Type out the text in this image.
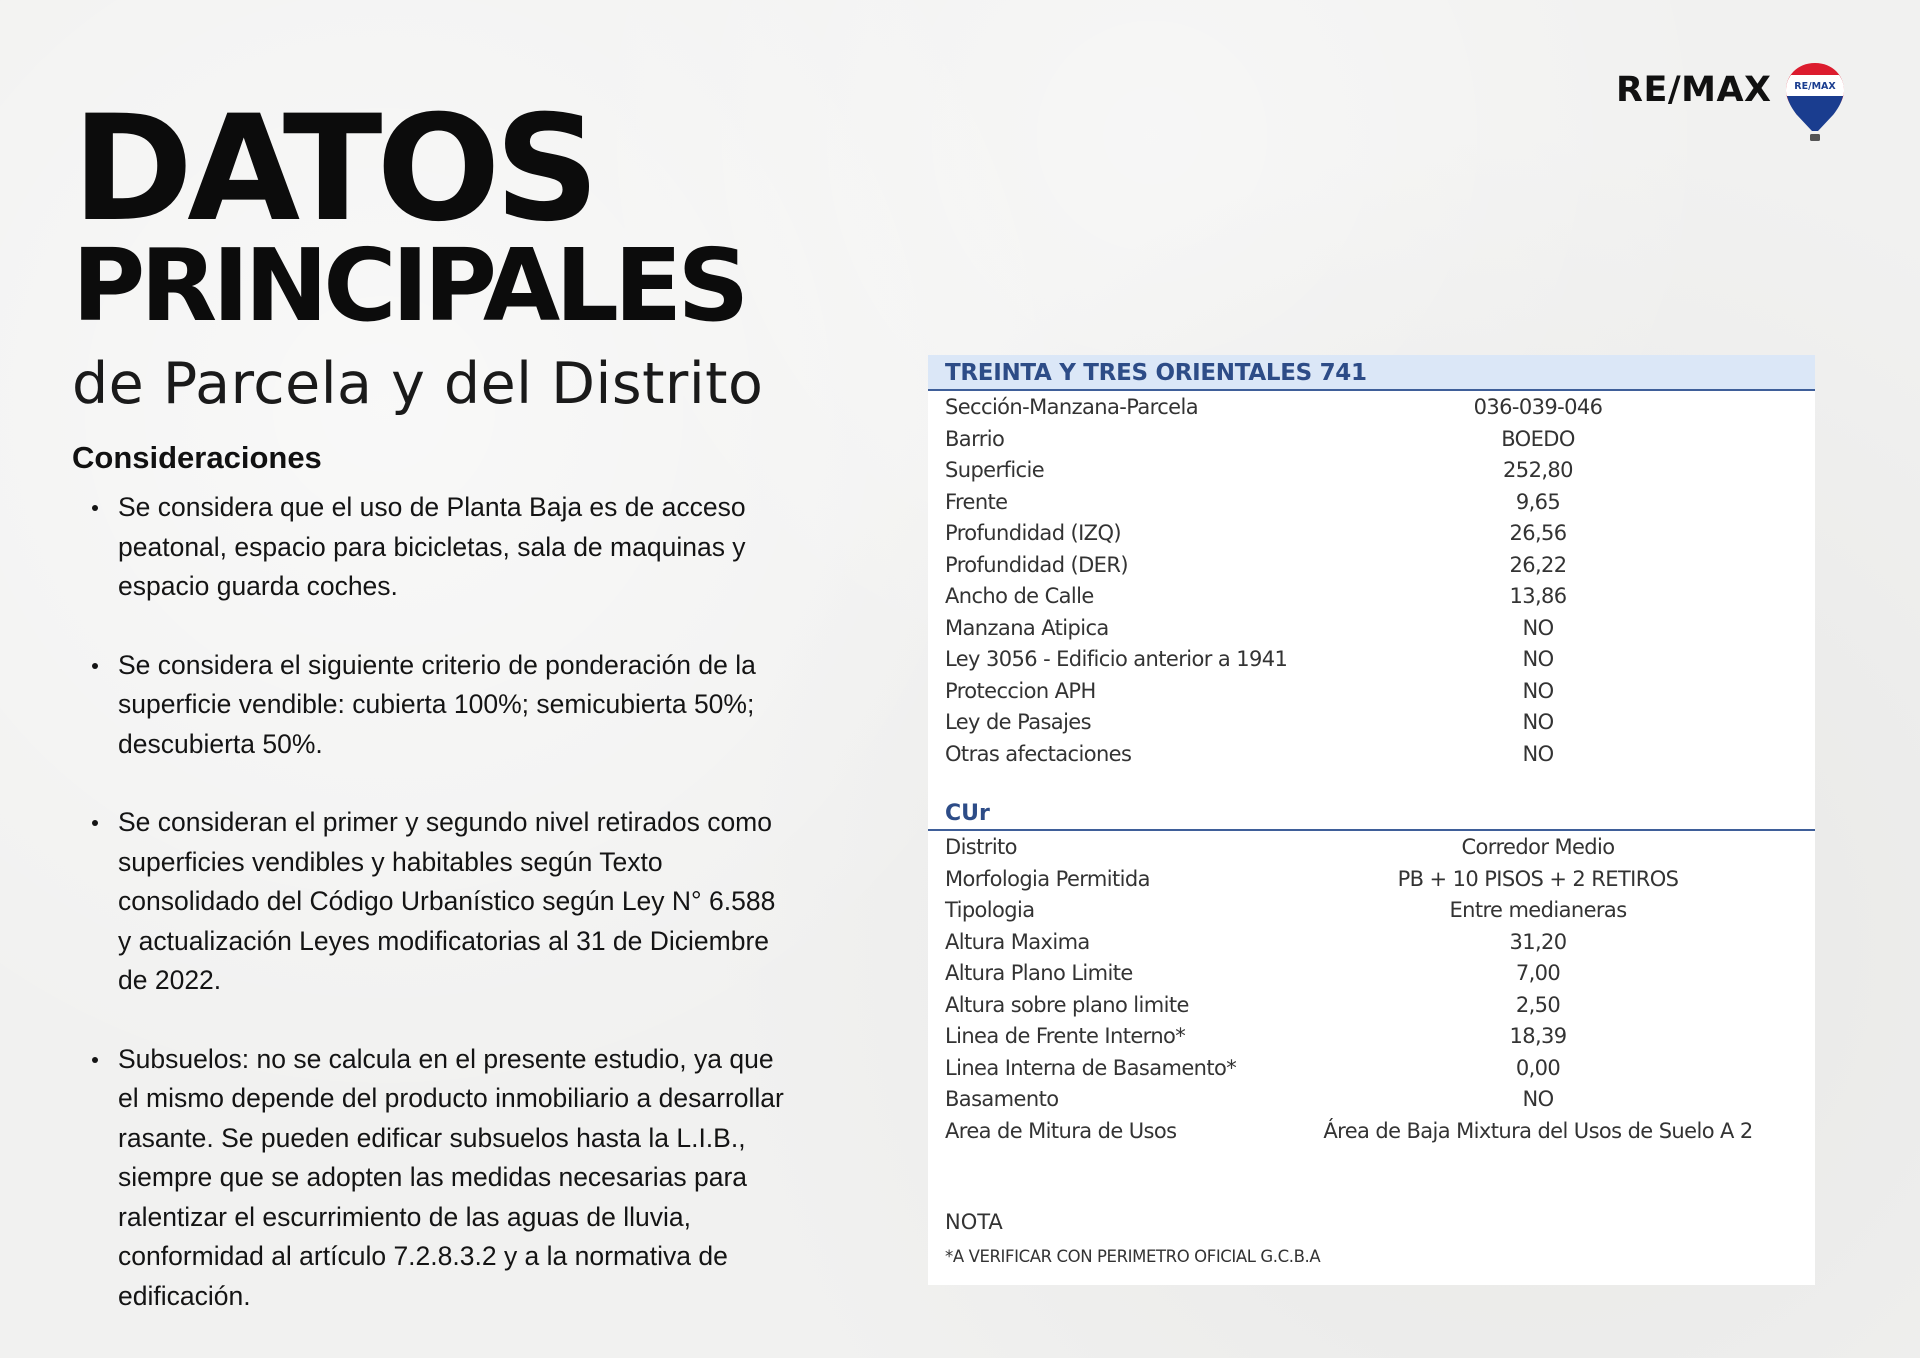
RE/MAX RE/MAX
DATOS
PRINCIPALES
de Parcela y del Distrito
Consideraciones
Se considera que el uso de Planta Baja es de acceso peatonal, espacio para bicicletas, sala de maquinas y espacio guarda coches.
Se considera el siguiente criterio de ponderación de la superficie vendible: cubierta 100%; semicubierta 50%; descubierta 50%.
Se consideran el primer y segundo nivel retirados como superficies vendibles y habitables según Texto consolidado del Código Urbanístico según Ley N° 6.588 y actualización Leyes modificatorias al 31 de Diciembre de 2022.
Subsuelos: no se calcula en el presente estudio, ya que el mismo depende del producto inmobiliario a desarrollar rasante. Se pueden edificar subsuelos hasta la L.I.B., siempre que se adopten las medidas necesarias para ralentizar el escurrimiento de las aguas de lluvia, conformidad al artículo 7.2.8.3.2 y a la normativa de edificación.
TREINTA Y TRES ORIENTALES 741
Sección-Manzana-Parcela	036-039-046
Barrio	BOEDO
Superficie	252,80
Frente	9,65
Profundidad (IZQ)	26,56
Profundidad (DER)	26,22
Ancho de Calle	13,86
Manzana Atipica	NO
Ley 3056 - Edificio anterior a 1941	NO
Proteccion APH	NO
Ley de Pasajes	NO
Otras afectaciones	NO
CUr
Distrito	Corredor Medio
Morfologia Permitida	PB + 10 PISOS + 2 RETIROS
Tipologia	Entre medianeras
Altura Maxima	31,20
Altura Plano Limite	7,00
Altura sobre plano limite	2,50
Linea de Frente Interno*	18,39
Linea Interna de Basamento*	0,00
Basamento	NO
Area de Mitura de Usos	Área de Baja Mixtura del Usos de Suelo A 2
NOTA
*A VERIFICAR CON PERIMETRO OFICIAL G.C.B.A
